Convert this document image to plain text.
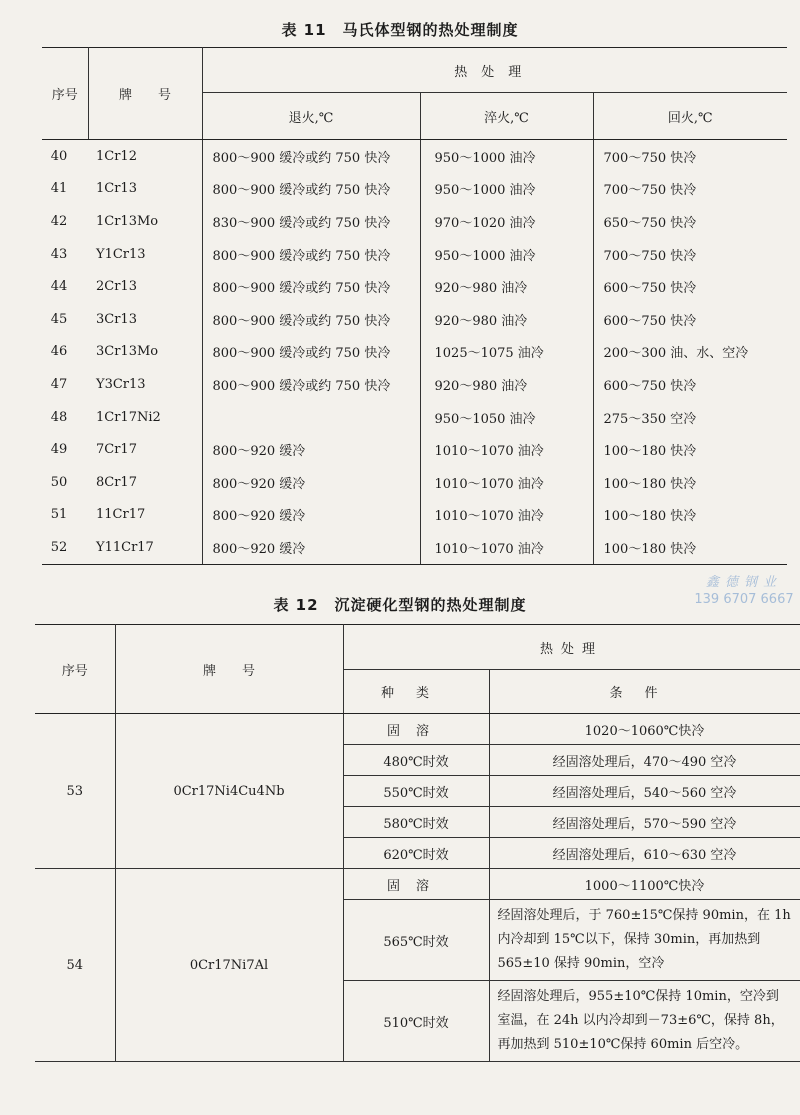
表 11　马氏体型钢的热处理制度
序号	牌　　号	热处理		
		退火,℃	淬火,℃	回火,℃
40	1Cr12	800～900 缓冷或约 750 快冷	950～1000 油冷	700～750 快冷
41	1Cr13	800～900 缓冷或约 750 快冷	950～1000 油冷	700～750 快冷
42	1Cr13Mo	830～900 缓冷或约 750 快冷	970～1020 油冷	650～750 快冷
43	Y1Cr13	800～900 缓冷或约 750 快冷	950～1000 油冷	700～750 快冷
44	2Cr13	800～900 缓冷或约 750 快冷	920～980 油冷	600～750 快冷
45	3Cr13	800～900 缓冷或约 750 快冷	920～980 油冷	600～750 快冷
46	3Cr13Mo	800～900 缓冷或约 750 快冷	1025～1075 油冷	200～300 油、水、空冷
47	Y3Cr13	800～900 缓冷或约 750 快冷	920～980 油冷	600～750 快冷
48	1Cr17Ni2		950～1050 油冷	275～350 空冷
49	7Cr17	800～920 缓冷	1010～1070 油冷	100～180 快冷
50	8Cr17	800～920 缓冷	1010～1070 油冷	100～180 快冷
51	11Cr17	800～920 缓冷	1010～1070 油冷	100～180 快冷
52	Y11Cr17	800～920 缓冷	1010～1070 油冷	100～180 快冷
表 12　沉淀硬化型钢的热处理制度
序号	牌　　号	热处理	
		种类	条件
53	0Cr17Ni4Cu4Nb	固溶	1020～1060℃快冷
		480℃时效	经固溶处理后，470～490 空冷
		550℃时效	经固溶处理后，540～560 空冷
		580℃时效	经固溶处理后，570～590 空冷
		620℃时效	经固溶处理后，610～630 空冷
54	0Cr17Ni7Al	固溶	1000～1100℃快冷
		565℃时效	经固溶处理后，于 760±15℃保持 90min，在 1h 内冷却到 15℃以下，保持 30min，再加热到 565±10 保持 90min，空冷
		510℃时效	经固溶处理后，955±10℃保持 10min，空冷到室温，在 24h 以内冷却到－73±6℃，保持 8h，再加热到 510±10℃保持 60min 后空冷。
鑫德钢业
139 6707 6667
